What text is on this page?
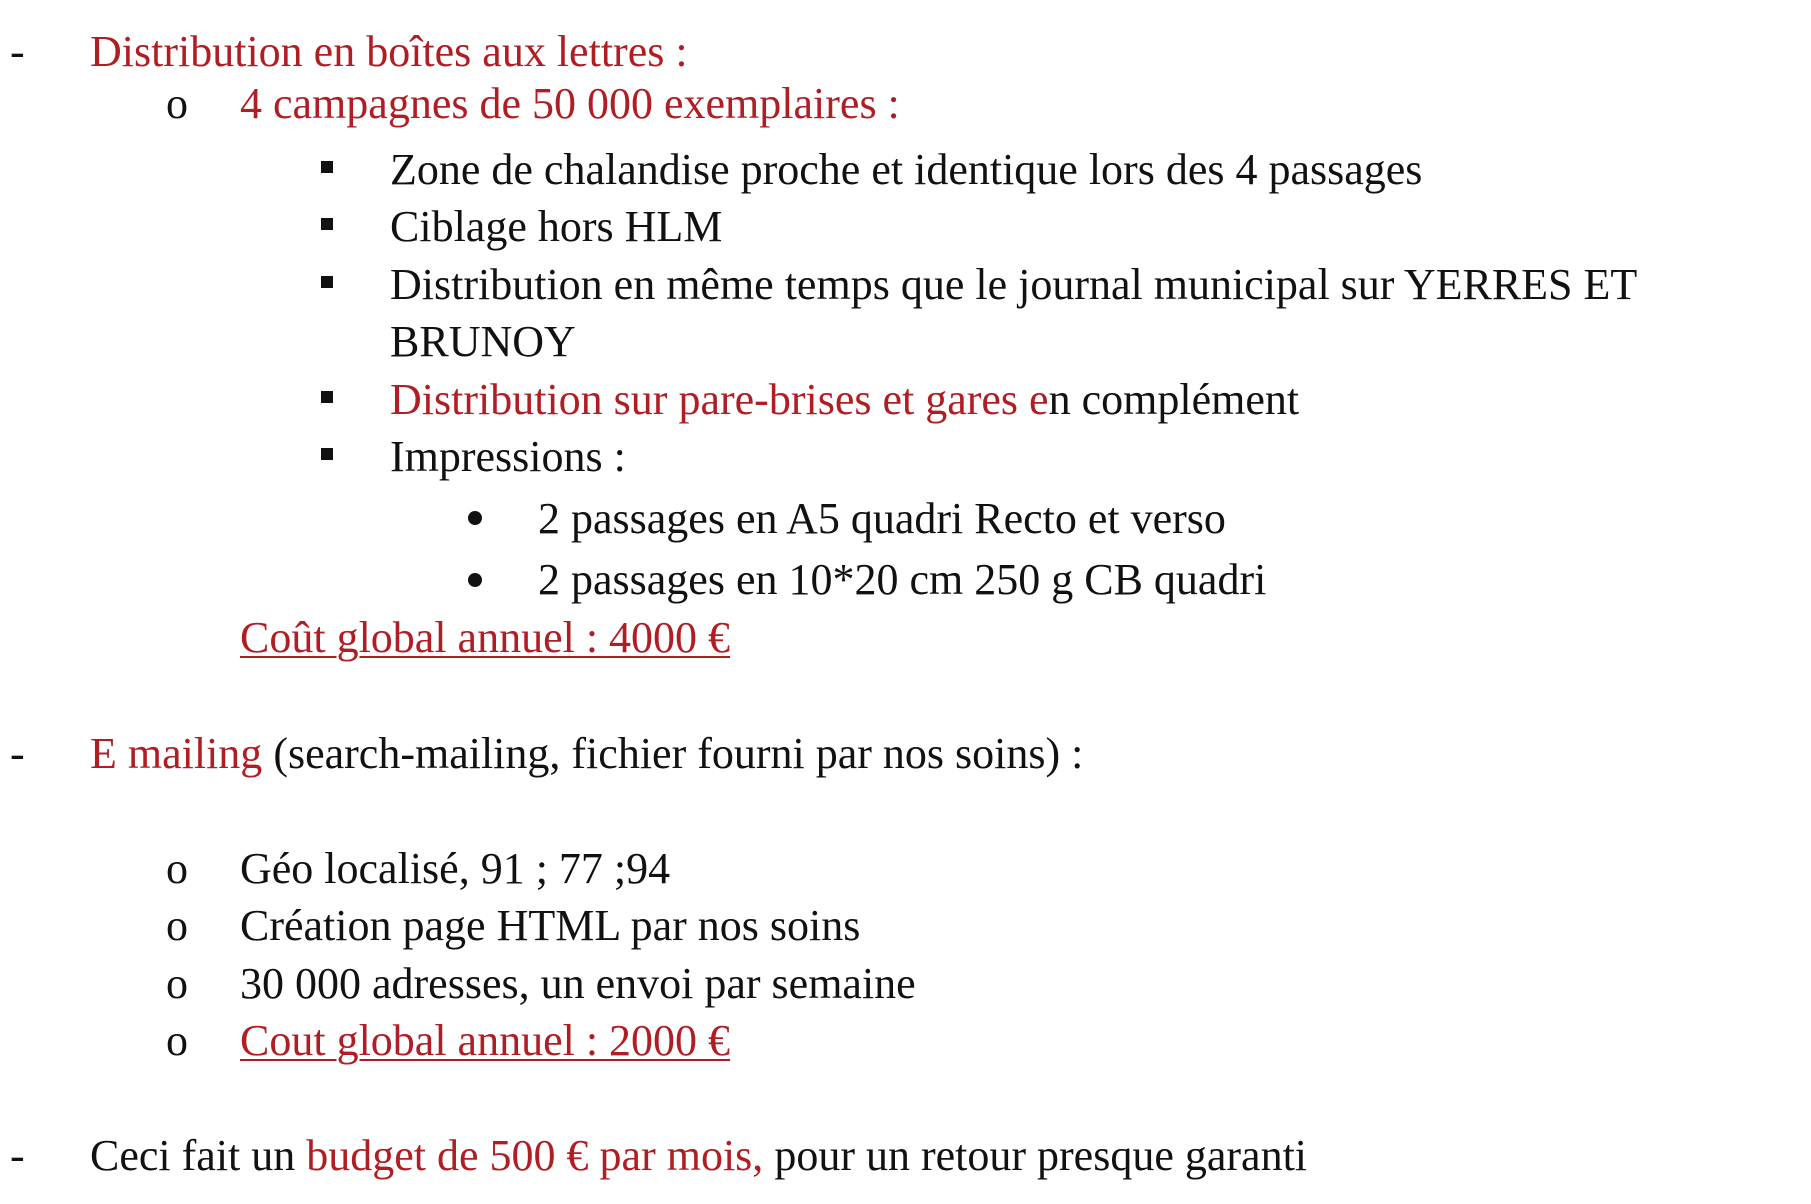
- Distribution en boîtes aux lettres :
o 4 campagnes de 50 000 exemplaires :
Zone de chalandise proche et identique lors des 4 passages
Ciblage hors HLM
Distribution en même temps que le journal municipal sur YERRES ET
BRUNOY
Distribution sur pare-brises et gares en complément
Impressions :
2 passages en A5 quadri Recto et verso
2 passages en 10*20 cm 250 g CB quadri
Coût global annuel : 4000 €
- E mailing (search-mailing, fichier fourni par nos soins) :
o Géo localisé, 91 ; 77 ;94
o Création page HTML par nos soins
o 30 000 adresses, un envoi par semaine
o Cout global annuel : 2000 €
- Ceci fait un budget de 500 € par mois, pour un retour presque garanti
